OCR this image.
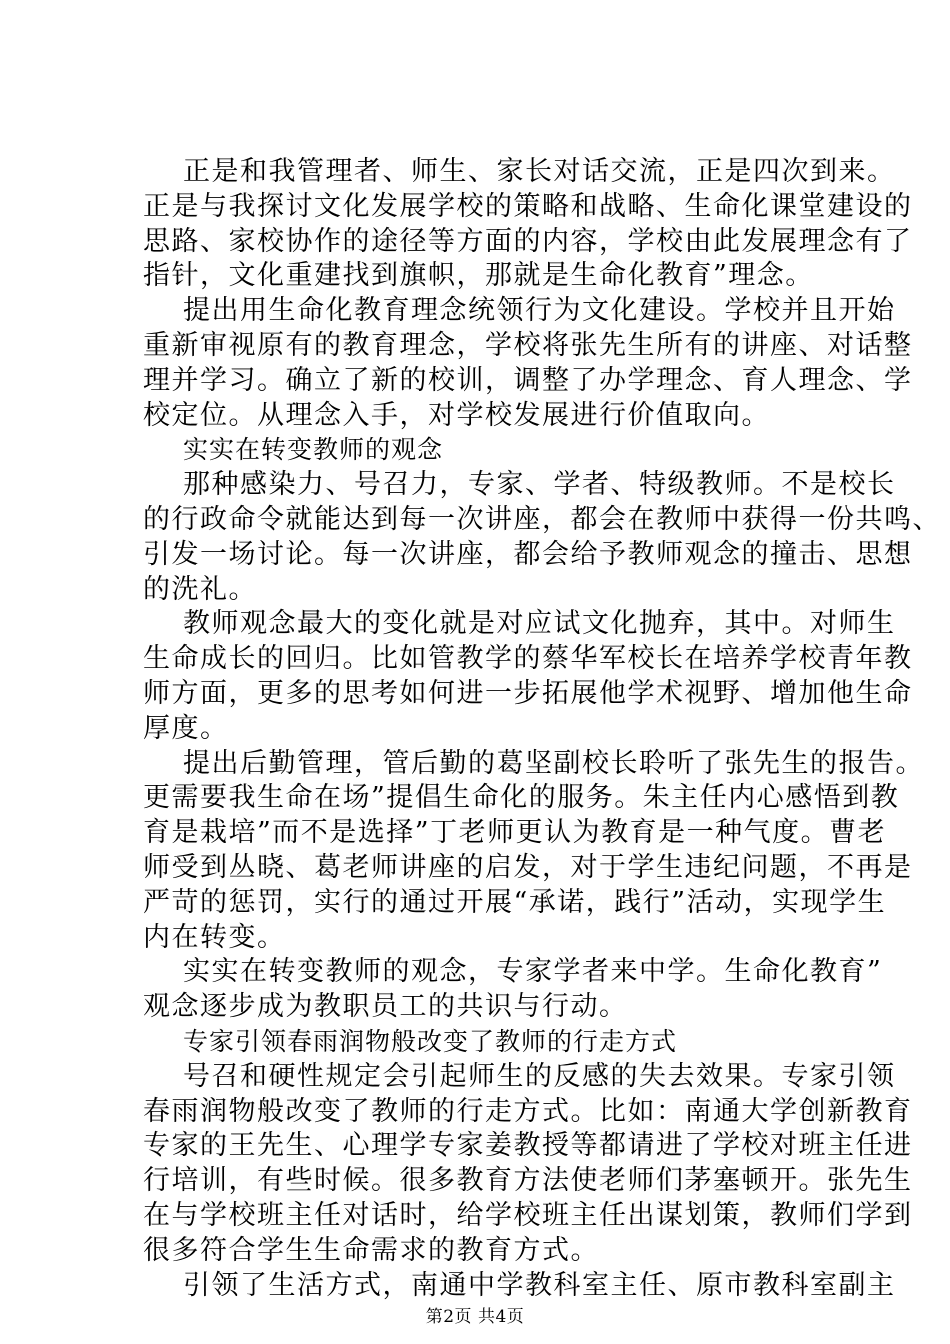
正是和我管理者、师生、家长对话交流，正是四次到来。
正是与我探讨文化发展学校的策略和战略、生命化课堂建设的
思路、家校协作的途径等方面的内容，学校由此发展理念有了
指针，文化重建找到旗帜，那就是生命化教育”理念。
提出用生命化教育理念统领行为文化建设。学校并且开始
重新审视原有的教育理念，学校将张先生所有的讲座、对话整
理并学习。确立了新的校训，调整了办学理念、育人理念、学
校定位。从理念入手，对学校发展进行价值取向。
实实在转变教师的观念
那种感染力、号召力，专家、学者、特级教师。不是校长
的行政命令就能达到每一次讲座，都会在教师中获得一份共鸣、
引发一场讨论。每一次讲座，都会给予教师观念的撞击、思想
的洗礼。
教师观念最大的变化就是对应试文化抛弃，其中。对师生
生命成长的回归。比如管教学的蔡华军校长在培养学校青年教
师方面，更多的思考如何进一步拓展他学术视野、增加他生命
厚度。
提出后勤管理，管后勤的葛坚副校长聆听了张先生的报告。
更需要我生命在场”提倡生命化的服务。朱主任内心感悟到教
育是栽培”而不是选择”丁老师更认为教育是一种气度。曹老
师受到丛晓、葛老师讲座的启发，对于学生违纪问题，不再是
严苛的惩罚，实行的通过开展“承诺，践行”活动，实现学生
内在转变。
实实在转变教师的观念，专家学者来中学。生命化教育”
观念逐步成为教职员工的共识与行动。
专家引领春雨润物般改变了教师的行走方式
号召和硬性规定会引起师生的反感的失去效果。专家引领
春雨润物般改变了教师的行走方式。比如：南通大学创新教育
专家的王先生、心理学专家姜教授等都请进了学校对班主任进
行培训，有些时候。很多教育方法使老师们茅塞顿开。张先生
在与学校班主任对话时，给学校班主任出谋划策，教师们学到
很多符合学生生命需求的教育方式。
引领了生活方式，南通中学教科室主任、原市教科室副主
第2页 共4页
